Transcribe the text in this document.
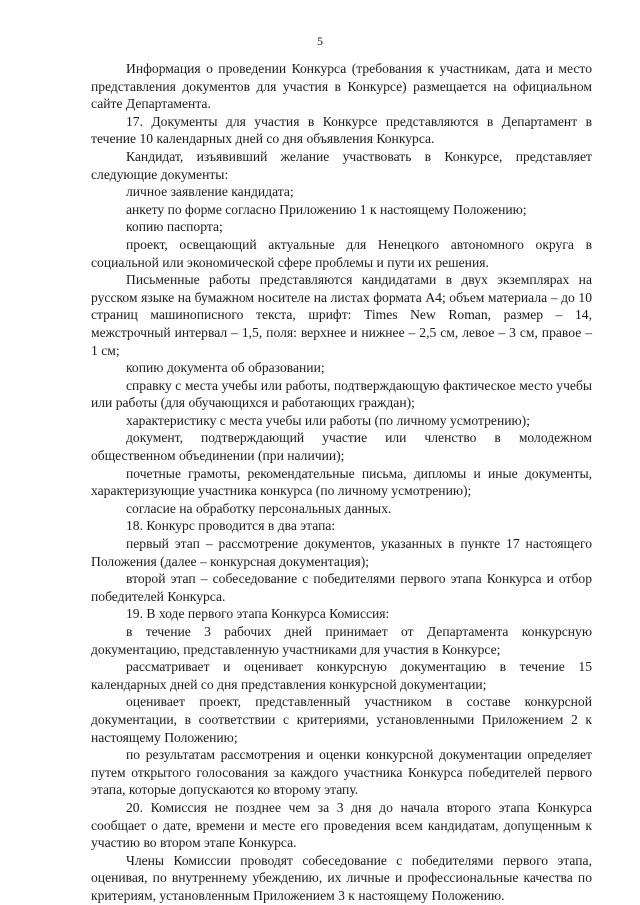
5

Информация о проведении Конкурса (требования к участникам, дата и место представления документов для участия в Конкурсе) размещается на официальном сайте Департамента.

17. Документы для участия в Конкурсе представляются в Департамент в течение 10 календарных дней со дня объявления Конкурса.

Кандидат, изъявивший желание участвовать в Конкурсе, представляет следующие документы:

личное заявление кандидата;

анкету по форме согласно Приложению 1 к настоящему Положению;

копию паспорта;

проект, освещающий актуальные для Ненецкого автономного округа в социальной или экономической сфере проблемы и пути их решения.

Письменные работы представляются кандидатами в двух экземплярах на русском языке на бумажном носителе на листах формата А4; объем материала – до 10 страниц машинописного текста, шрифт: Times New Roman, размер – 14, межстрочный интервал – 1,5, поля: верхнее и нижнее – 2,5 см, левое – 3 см, правое – 1 см;

копию документа об образовании;

справку с места учебы или работы, подтверждающую фактическое место учебы или работы (для обучающихся и работающих граждан);

характеристику с места учебы или работы (по личному усмотрению);

документ, подтверждающий участие или членство в молодежном общественном объединении (при наличии);

почетные грамоты, рекомендательные письма, дипломы и иные документы, характеризующие участника конкурса (по личному усмотрению);

согласие на обработку персональных данных.

18. Конкурс проводится в два этапа:

первый этап – рассмотрение документов, указанных в пункте 17 настоящего Положения (далее – конкурсная документация);

второй этап – собеседование с победителями первого этапа Конкурса и отбор победителей Конкурса.

19. В ходе первого этапа Конкурса Комиссия:

в течение 3 рабочих дней принимает от Департамента конкурсную документацию, представленную участниками для участия в Конкурсе;

рассматривает и оценивает конкурсную документацию в течение 15 календарных дней со дня представления конкурсной документации;

оценивает проект, представленный участником в составе конкурсной документации, в соответствии с критериями, установленными Приложением 2 к настоящему Положению;

по результатам рассмотрения и оценки конкурсной документации определяет путем открытого голосования за каждого участника Конкурса победителей первого этапа, которые допускаются ко второму этапу.

20. Комиссия не позднее чем за 3 дня до начала второго этапа Конкурса сообщает о дате, времени и месте его проведения всем кандидатам, допущенным к участию во втором этапе Конкурса.

Члены Комиссии проводят собеседование с победителями первого этапа, оценивая, по внутреннему убеждению, их личные и профессиональные качества по критериям, установленным Приложением 3 к настоящему Положению.
